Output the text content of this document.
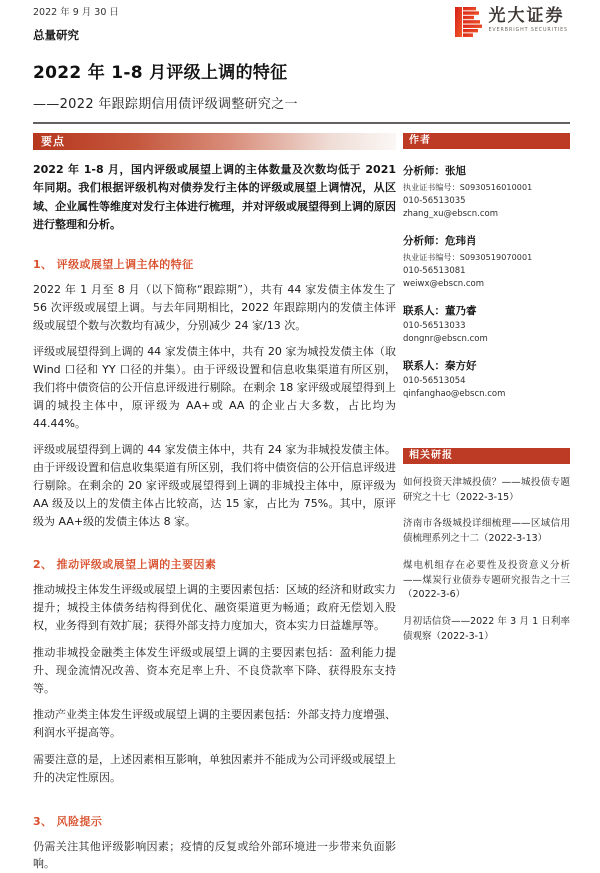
2022 年 9 月 30 日
总量研究
光大证券
EVERBRIGHT SECURITIES
2022 年 1-8 月评级上调的特征
——2022 年跟踪期信用债评级调整研究之一
要点

2022 年 1-8 月，国内评级或展望上调的主体数量及次数均低于 2021 年同期。我们根据评级机构对债券发行主体的评级或展望上调情况，从区域、企业属性等维度对发行主体进行梳理，并对评级或展望得到上调的原因进行整理和分析。

1、 评级或展望上调主体的特征

2022 年 1 月至 8 月（以下简称“跟踪期”），共有 44 家发债主体发生了 56 次评级或展望上调。与去年同期相比，2022 年跟踪期内的发债主体评级或展望个数与次数均有减少，分别减少 24 家/13 次。

评级或展望得到上调的 44 家发债主体中，共有 20 家为城投发债主体（取 Wind 口径和 YY 口径的并集）。由于评级设置和信息收集渠道有所区别，我们将中债资信的公开信息评级进行剔除。在剩余 18 家评级或展望得到上调的城投主体中，原评级为 AA+或 AA 的企业占大多数，占比均为 44.44%。

评级或展望得到上调的 44 家发债主体中，共有 24 家为非城投发债主体。由于评级设置和信息收集渠道有所区别，我们将中债资信的公开信息评级进行剔除。在剩余的 20 家评级或展望得到上调的非城投主体中，原评级为 AA 级及以上的发债主体占比较高，达 15 家，占比为 75%。其中，原评级为 AA+级的发债主体达 8 家。

2、 推动评级或展望上调的主要因素

推动城投主体发生评级或展望上调的主要因素包括：区域的经济和财政实力提升；城投主体债务结构得到优化、融资渠道更为畅通；政府无偿划入股权，业务得到有效扩展；获得外部支持力度加大，资本实力日益雄厚等。

推动非城投金融类主体发生评级或展望上调的主要因素包括：盈利能力提升、现金流情况改善、资本充足率上升、不良贷款率下降、获得股东支持等。

推动产业类主体发生评级或展望上调的主要因素包括：外部支持力度增强、利润水平提高等。

需要注意的是，上述因素相互影响，单独因素并不能成为公司评级或展望上升的决定性原因。

3、 风险提示

仍需关注其他评级影响因素；疫情的反复或给外部环境进一步带来负面影响。

作者
分析师：张旭
执业证书编号：S0930516010001
010-56513035
zhang_xu@ebscn.com
分析师：危玮肖
执业证书编号：S0930519070001
010-56513081
weiwx@ebscn.com
联系人：董乃睿
010-56513033
dongnr@ebscn.com
联系人：秦方好
010-56513054
qinfanghao@ebscn.com
相关研报
如何投资天津城投债？——城投债专题研究之十七（2022-3-15）
济南市各级城投详细梳理——区域信用债梳理系列之十二（2022-3-13）
煤电机组存在必要性及投资意义分析——煤炭行业债券专题研究报告之十三（2022-3-6）
月初话信贷——2022 年 3 月 1 日利率债观察（2022-3-1）
